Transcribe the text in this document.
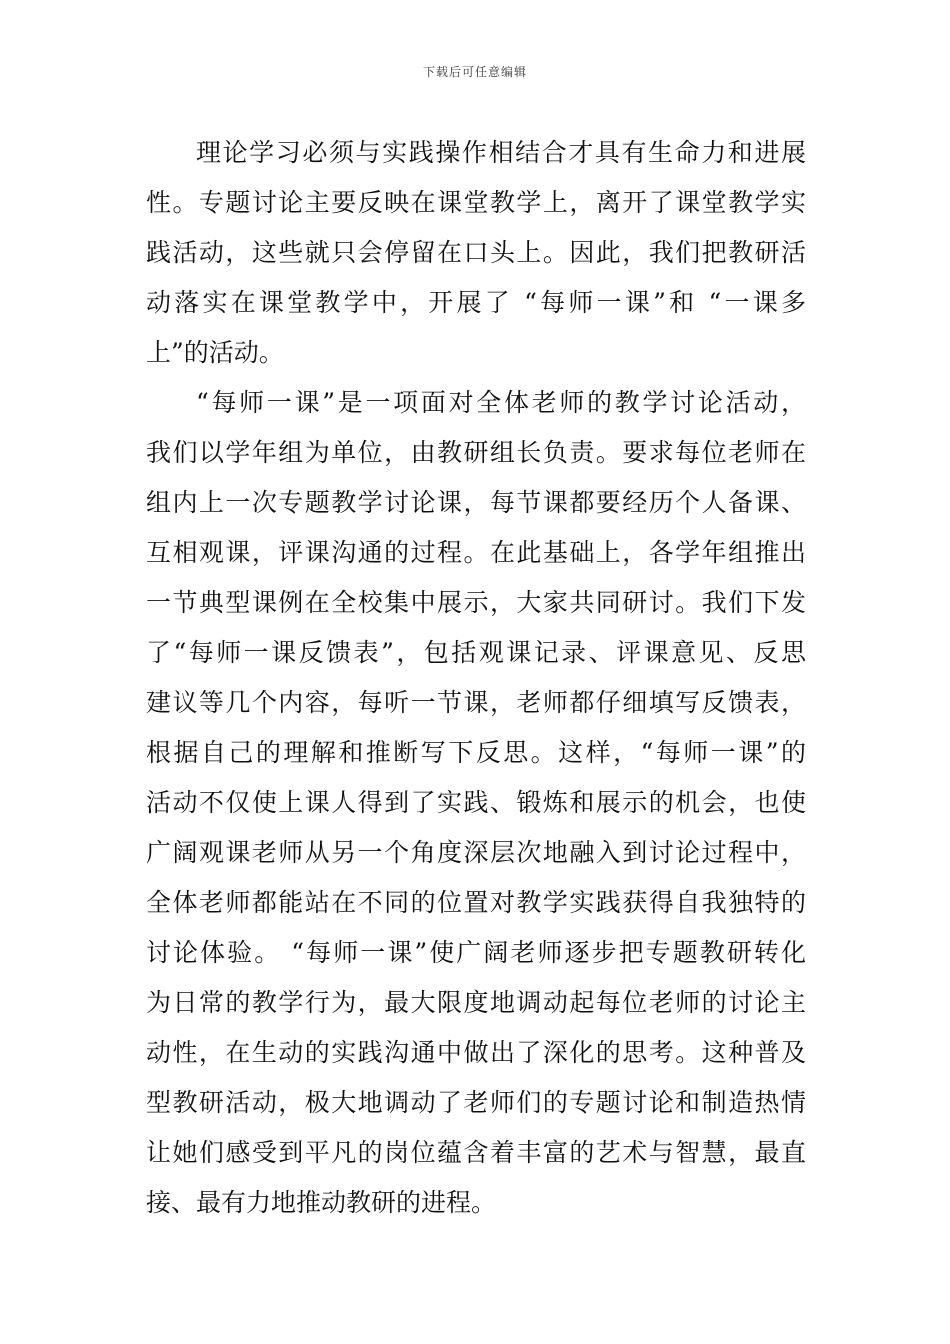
下载后可任意编辑
理论学习必须与实践操作相结合才具有生命力和进展
性。专题讨论主要反映在课堂教学上，离开了课堂教学实
践活动，这些就只会停留在口头上。因此，我们把教研活
动落实在课堂教学中，开展了 “每师一课”和 “一课多
上”的活动。
“每师一课”是一项面对全体老师的教学讨论活动，
我们以学年组为单位，由教研组长负责。要求每位老师在
组内上一次专题教学讨论课，每节课都要经历个人备课、
互相观课，评课沟通的过程。在此基础上，各学年组推出
一节典型课例在全校集中展示，大家共同研讨。我们下发
了“每师一课反馈表”，包括观课记录、评课意见、反思
建议等几个内容，每听一节课，老师都仔细填写反馈表，
根据自己的理解和推断写下反思。这样，“每师一课”的
活动不仅使上课人得到了实践、锻炼和展示的机会，也使
广阔观课老师从另一个角度深层次地融入到讨论过程中，
全体老师都能站在不同的位置对教学实践获得自我独特的
讨论体验。 “每师一课”使广阔老师逐步把专题教研转化
为日常的教学行为，最大限度地调动起每位老师的讨论主
动性，在生动的实践沟通中做出了深化的思考。这种普及
型教研活动，极大地调动了老师们的专题讨论和制造热情
让她们感受到平凡的岗位蕴含着丰富的艺术与智慧，最直
接、最有力地推动教研的进程。
